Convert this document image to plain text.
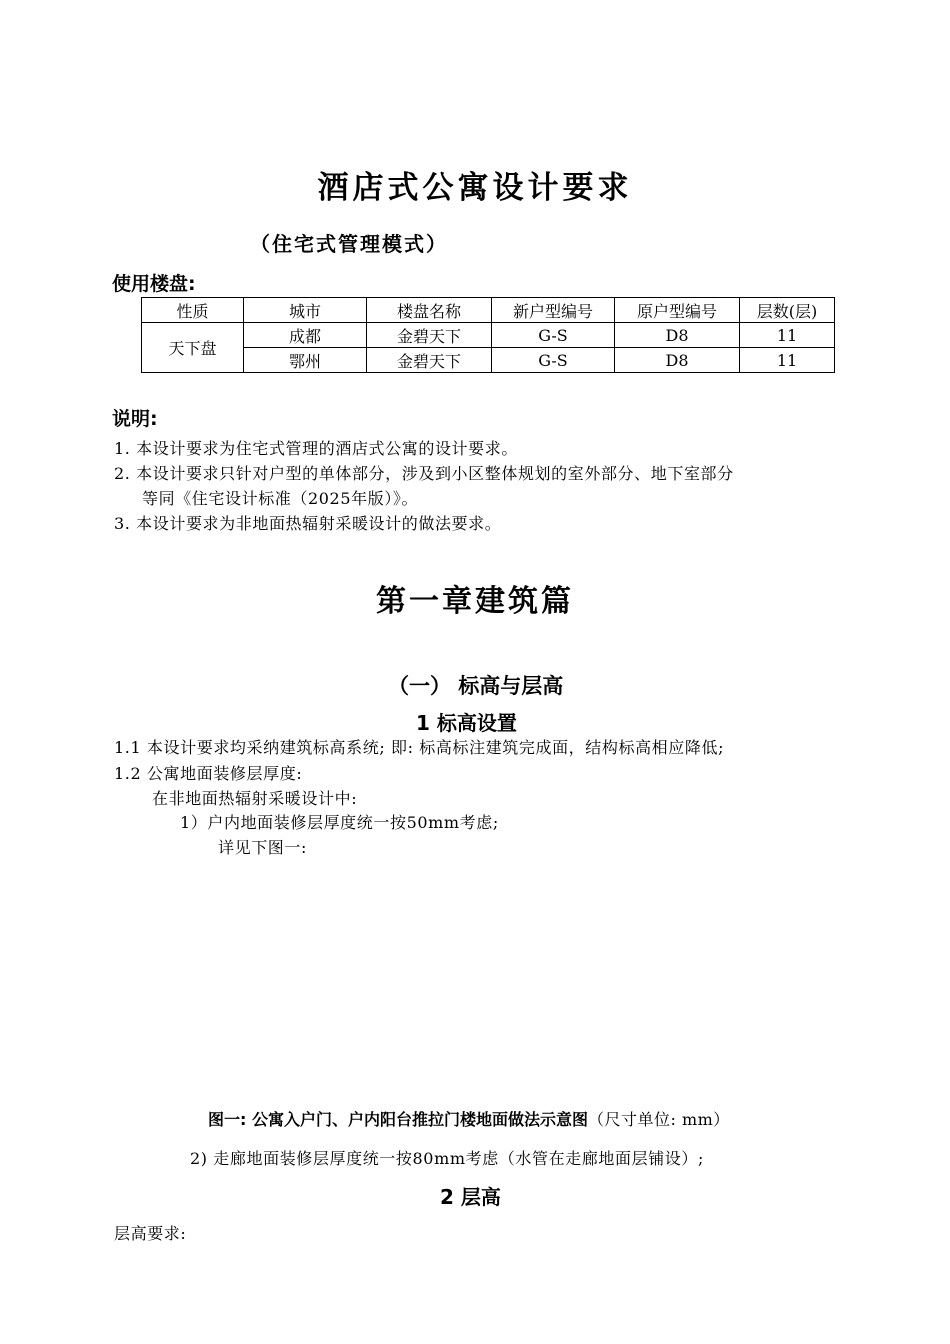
酒店式公寓设计要求
（住宅式管理模式）
使用楼盘:
性质	城市	楼盘名称	新户型编号	原户型编号	层数(层)
天下盘	成都	金碧天下	G-S	D8	11
	鄂州	金碧天下	G-S	D8	11
说明:
1. 本设计要求为住宅式管理的酒店式公寓的设计要求。
2. 本设计要求只针对户型的单体部分，涉及到小区整体规划的室外部分、地下室部分
等同《住宅设计标准（2025年版）》。
3. 本设计要求为非地面热辐射采暖设计的做法要求。
第一章建筑篇
（一） 标高与层高
1 标高设置
1.1 本设计要求均采纳建筑标高系统; 即: 标高标注建筑完成面，结构标高相应降低;
1.2 公寓地面装修层厚度:
在非地面热辐射采暖设计中:
1）户内地面装修层厚度统一按50mm考虑;
详见下图一:
图一: 公寓入户门、户内阳台推拉门楼地面做法示意图（尺寸单位: mm）
2) 走廊地面装修层厚度统一按80mm考虑（水管在走廊地面层铺设）;
2 层高
层高要求:
